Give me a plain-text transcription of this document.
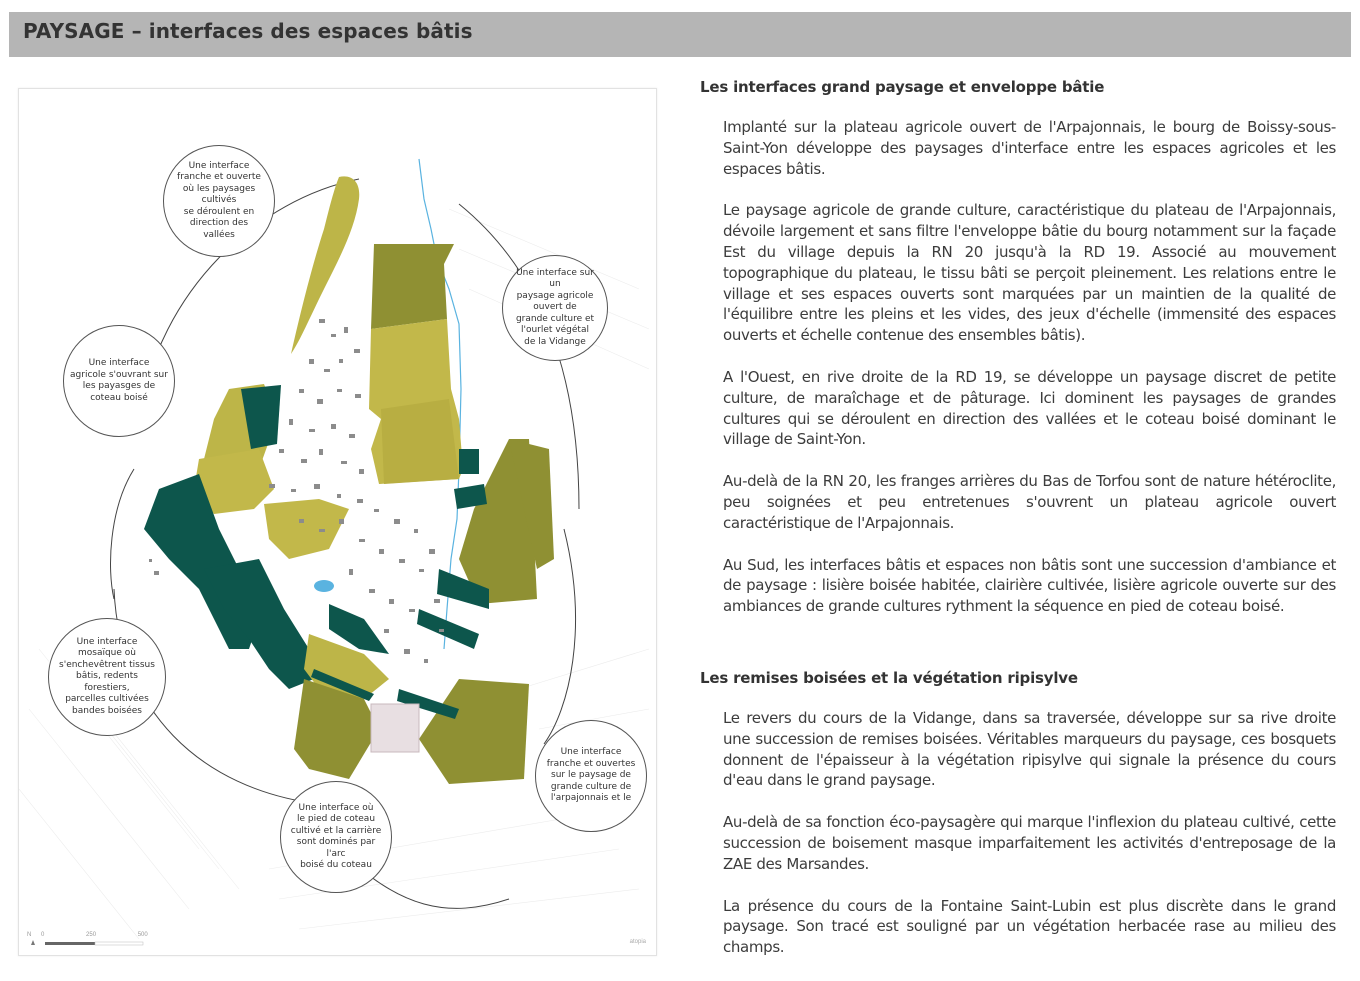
PAYSAGE – interfaces des espaces bâtis
Une interface
franche et ouverte
où les paysages cultivés
se déroulent en
direction des
vallées
Une interface sur un
paysage agricole
ouvert de
grande culture et
l'ourlet végétal
de la Vidange
Une interface
agricole s'ouvrant sur
les payasges de
coteau boisé
Une interface
mosaïque où
s'enchevêtrent tissus
bâtis, redents forestiers,
parcelles cultivées
bandes boisées
Une interface
franche et ouvertes
sur le paysage de
grande culture de
l'arpajonnais et le
Une interface où
le pied de coteau
cultivé et la carrière
sont dominés par l'arc
boisé du coteau
N 0	250	500
atopia
Les interfaces grand paysage et enveloppe bâtie

Implanté sur la plateau agricole ouvert de l'Arpajonnais, le bourg de Boissy-sous-Saint-Yon développe des paysages d'interface entre les espaces agricoles et les espaces bâtis.

Le paysage agricole de grande culture, caractéristique du plateau de l'Arpajonnais, dévoile largement et sans filtre l'enveloppe bâtie du bourg notamment sur la façade Est du village depuis la RN 20 jusqu'à la RD 19. Associé au mouvement topographique du plateau, le tissu bâti se perçoit pleinement. Les relations entre le village et ses espaces ouverts sont marquées par un maintien de la qualité de l'équilibre entre les pleins et les vides, des jeux d'échelle (immensité des espaces ouverts et échelle contenue des ensembles bâtis).

A l'Ouest, en rive droite de la RD 19, se développe un paysage discret de petite culture, de maraîchage et de pâturage. Ici dominent les paysages de grandes cultures qui se déroulent en direction des vallées et le coteau boisé dominant le village de Saint-Yon.

Au-delà de la RN 20, les franges arrières du Bas de Torfou sont de nature hétéroclite, peu soignées et peu entretenues s'ouvrent un plateau agricole ouvert caractéristique de l'Arpajonnais.

Au Sud, les interfaces bâtis et espaces non bâtis sont une succession d'ambiance et de paysage : lisière boisée habitée, clairière cultivée, lisière agricole ouverte sur des ambiances de grande cultures rythment la séquence en pied de coteau boisé.

Les remises boisées et la végétation ripisylve

Le revers du cours de la Vidange, dans sa traversée, développe sur sa rive droite une succession de remises boisées. Véritables marqueurs du paysage, ces bosquets donnent de l'épaisseur à la végétation ripisylve qui signale la présence du cours d'eau dans le grand paysage.

Au-delà de sa fonction éco-paysagère qui marque l'inflexion du plateau cultivé, cette succession de boisement masque imparfaitement les activités d'entreposage de la ZAE des Marsandes.

La présence du cours de la Fontaine Saint-Lubin est plus discrète dans le grand paysage. Son tracé est souligné par un végétation herbacée rase au milieu des champs.
